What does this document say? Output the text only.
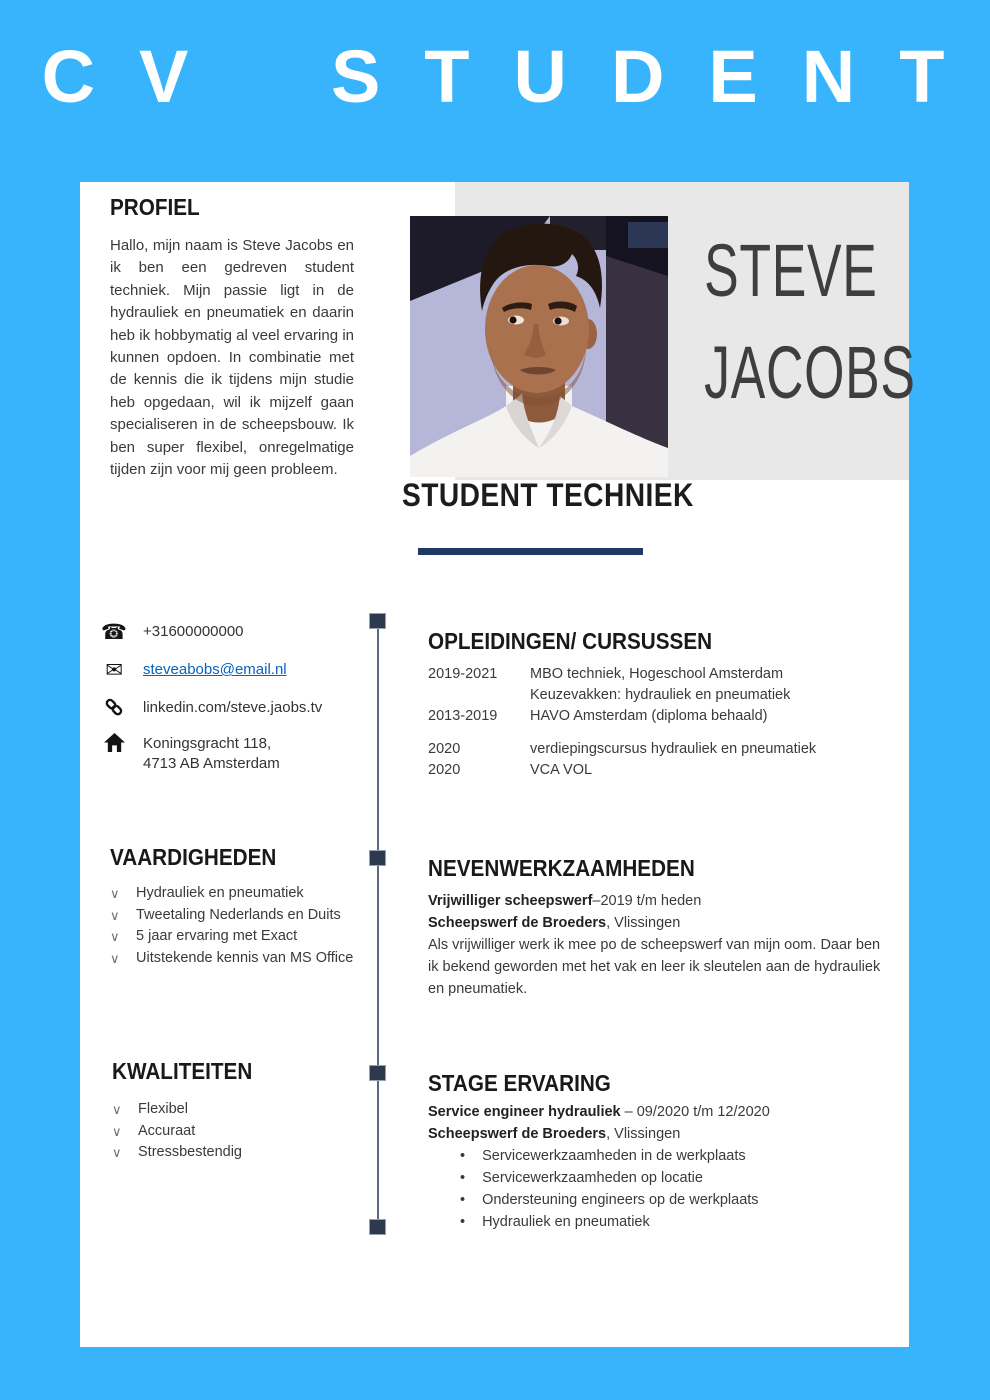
CV STUDENT
STEVE
JACOBS
STUDENT TECHNIEK
PROFIEL

Hallo, mijn naam is Steve Jacobs en ik ben een gedreven student techniek. Mijn passie ligt in de hydrauliek en pneumatiek en daarin heb ik hobbymatig al veel ervaring in kunnen opdoen. In combinatie met de kennis die ik tijdens mijn studie heb opgedaan, wil ik mijzelf gaan specialiseren in de scheepsbouw. Ik ben super flexibel, onregelmatige tijden zijn voor mij geen probleem.

☎ +31600000000
✉	steveabobs@email.nl
linkedin.com/steve.jaobs.tv
Koningsgracht 118,
4713 AB Amsterdam
VAARDIGHEDEN
∨ Hydrauliek en pneumatiek
∨ Tweetaling Nederlands en Duits
∨ 5 jaar ervaring met Exact
∨ Uitstekende kennis van MS Office
KWALITEITEN
∨ Flexibel
∨ Accuraat
∨ Stressbestendig
OPLEIDINGEN/ CURSUSSEN
2019-2021	MBO techniek, Hogeschool Amsterdam
Keuzevakken: hydrauliek en pneumatiek
2013-2019	HAVO Amsterdam (diploma behaald)
2020	verdiepingscursus hydrauliek en pneumatiek
2020	VCA VOL
NEVENWERKZAAMHEDEN

Vrijwilliger scheepswerf–2019 t/m heden

Scheepswerf de Broeders, Vlissingen

Als vrijwilliger werk ik mee po de scheepswerf van mijn oom. Daar ben ik bekend geworden met het vak en leer ik sleutelen aan de hydrauliek en pneumatiek.

STAGE ERVARING

Service engineer hydrauliek – 09/2020 t/m 12/2020

Scheepswerf de Broeders, Vlissingen

• Servicewerkzaamheden in de werkplaats
• Servicewerkzaamheden op locatie
• Ondersteuning engineers op de werkplaats
• Hydrauliek en pneumatiek
